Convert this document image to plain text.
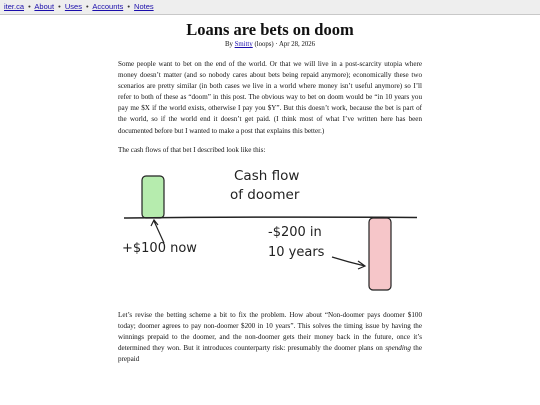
iter.ca • About • Uses • Accounts • Notes
Loans are bets on doom
By Smitty (loops) · Apr 28, 2026

Some people want to bet on the end of the world. Or that we will live in a post-scarcity utopia where money doesn’t matter (and so nobody cares about bets being repaid anymore); economically these two scenarios are pretty similar (in both cases we live in a world where money isn’t useful anymore) so I’ll refer to both of these as “doom” in this post. The obvious way to bet on doom would be “in 10 years you pay me $X if the world exists, otherwise I pay you $Y”. But this doesn’t work, because the bet is part of the world, so if the world end it doesn’t get paid. (I think most of what I’ve written here has been documented before but I wanted to make a post that explains this better.)

The cash flows of that bet I described look like this:

Cash flow
of doomer
+$100 now
-$200 in
10 years

Let’s revise the betting scheme a bit to fix the problem. How about “Non-doomer pays doomer $100 today; doomer agrees to pay non-doomer $200 in 10 years”. This solves the timing issue by having the winnings prepaid to the doomer, and the non-doomer gets their money back in the future, once it’s determined they won. But it introduces counterparty risk: presumably the doomer plans on spending the prepaid
